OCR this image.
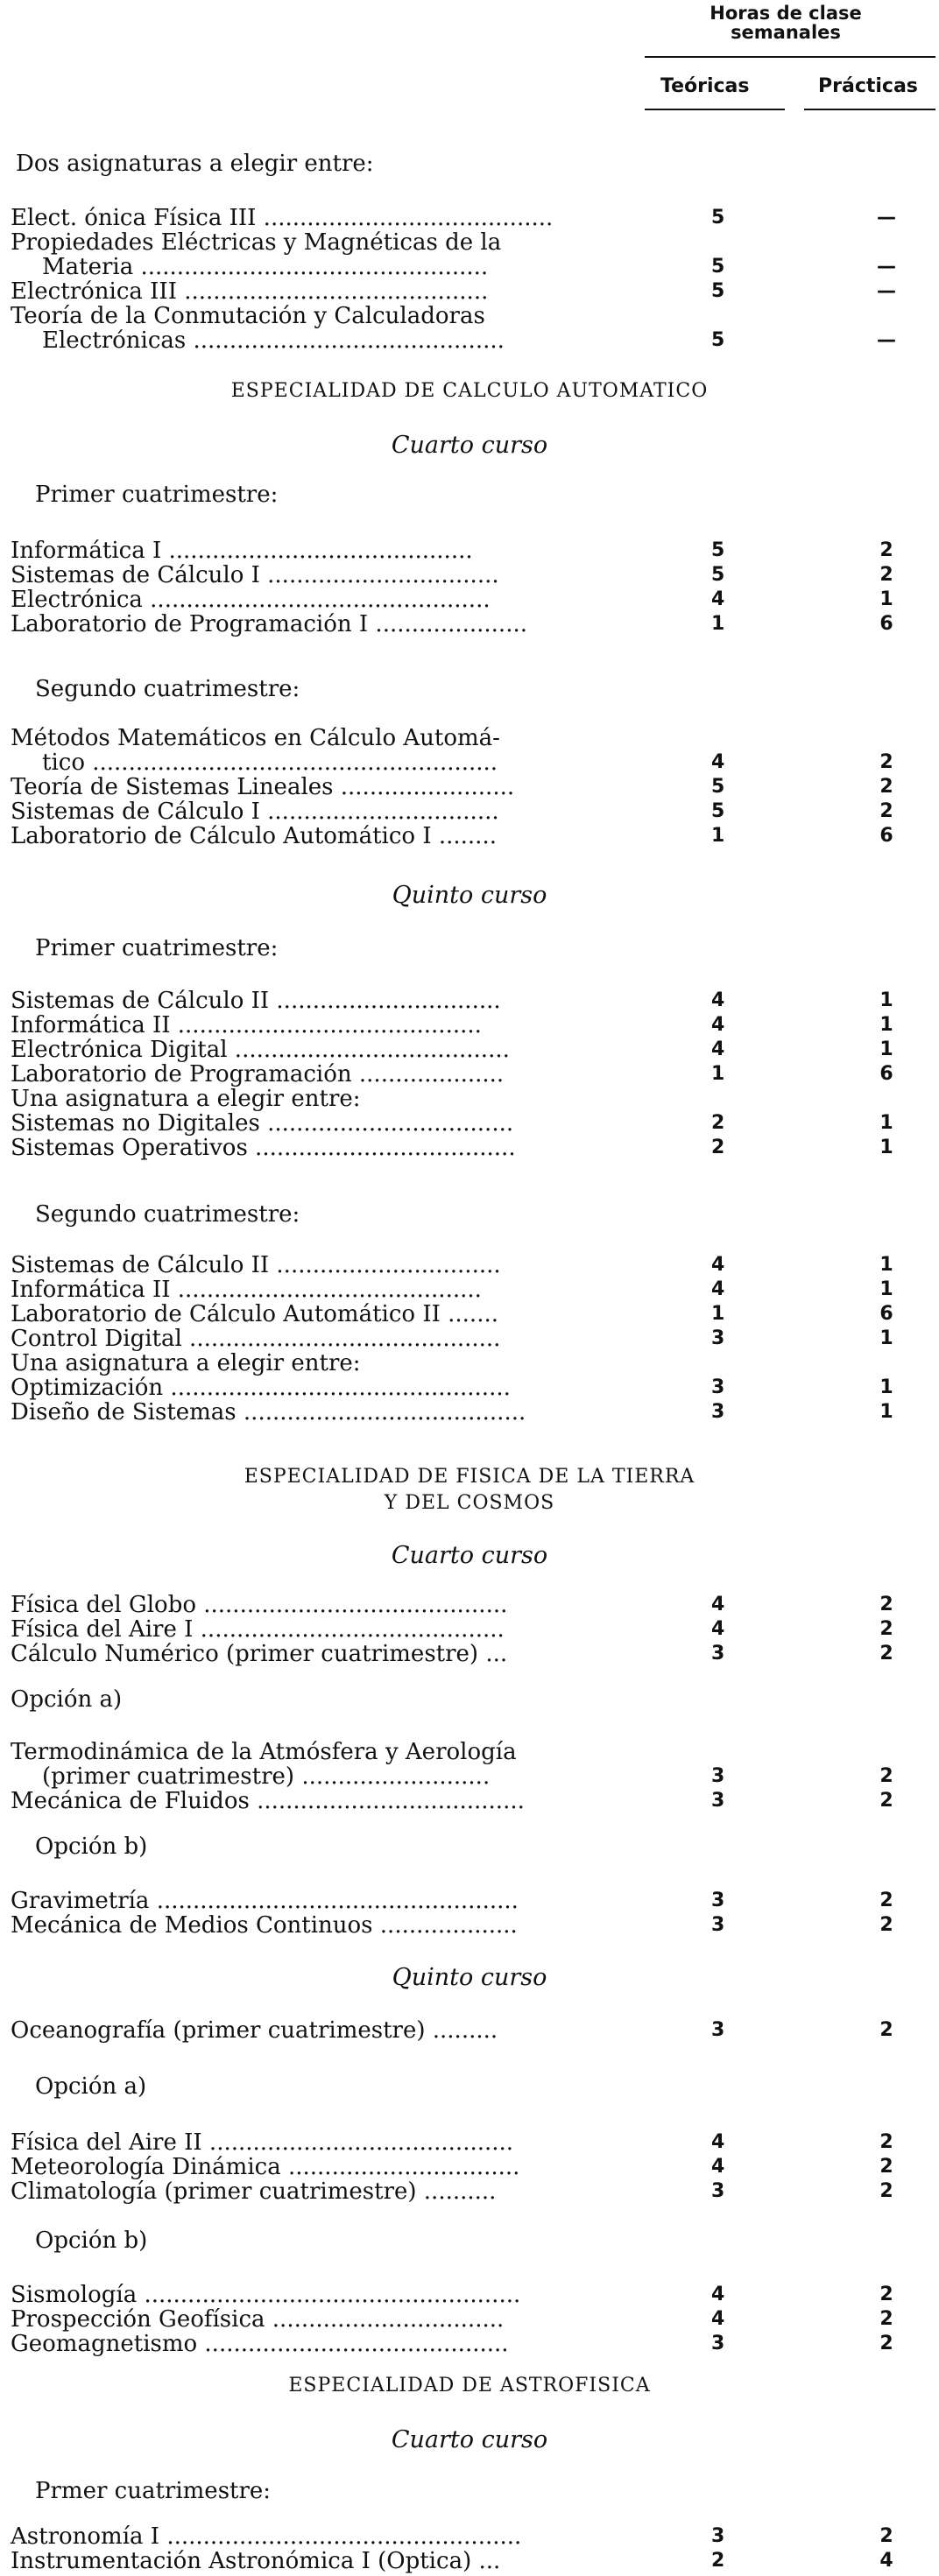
Horas de clase
semanales
Teóricas	Prácticas
Dos asignaturas a elegir entre:
Elect. ónica Física III ........................................	5	—
Propiedades Eléctricas y Magnéticas de la
Materia ................................................	5	—
Electrónica III ..........................................	5	—
Teoría de la Conmutación y Calculadoras
Electrónicas ...........................................	5	—
ESPECIALIDAD DE CALCULO AUTOMATICO
Cuarto curso
Primer cuatrimestre:
Informática I ..........................................	5	2
Sistemas de Cálculo I ................................	5	2
Electrónica ...............................................	4	1
Laboratorio de Programación I .....................	1	6
Segundo cuatrimestre:
Métodos Matemáticos en Cálculo Automá-
tico ........................................................	4	2
Teoría de Sistemas Lineales ........................	5	2
Sistemas de Cálculo I ................................	5	2
Laboratorio de Cálculo Automático I ........	1	6
Quinto curso
Primer cuatrimestre:
Sistemas de Cálculo II ...............................	4	1
Informática II ..........................................	4	1
Electrónica Digital ......................................	4	1
Laboratorio de Programación ....................	1	6
Una asignatura a elegir entre:
Sistemas no Digitales ..................................	2	1
Sistemas Operativos ....................................	2	1
Segundo cuatrimestre:
Sistemas de Cálculo II ...............................	4	1
Informática II ..........................................	4	1
Laboratorio de Cálculo Automático II .......	1	6
Control Digital ...........................................	3	1
Una asignatura a elegir entre:
Optimización ...............................................	3	1
Diseño de Sistemas .......................................	3	1
ESPECIALIDAD DE FISICA DE LA TIERRA
Y DEL COSMOS
Cuarto curso
Física del Globo ..........................................	4	2
Física del Aire I ..........................................	4	2
Cálculo Numérico (primer cuatrimestre) ...	3	2
Opción a)
Termodinámica de la Atmósfera y Aerología
(primer cuatrimestre) ..........................	3	2
Mecánica de Fluidos .....................................	3	2
Opción b)
Gravimetría ..................................................	3	2
Mecánica de Medios Continuos ...................	3	2
Quinto curso
Oceanografía (primer cuatrimestre) .........	3	2
Opción a)
Física del Aire II ..........................................	4	2
Meteorología Dinámica ................................	4	2
Climatología (primer cuatrimestre) ..........	3	2
Opción b)
Sismología ....................................................	4	2
Prospección Geofísica ................................	4	2
Geomagnetismo ..........................................	3	2
ESPECIALIDAD DE ASTROFISICA
Cuarto curso
Prmer cuatrimestre:
Astronomía I .................................................	3	2
Instrumentación Astronómica I (Optica) ...	2	4
